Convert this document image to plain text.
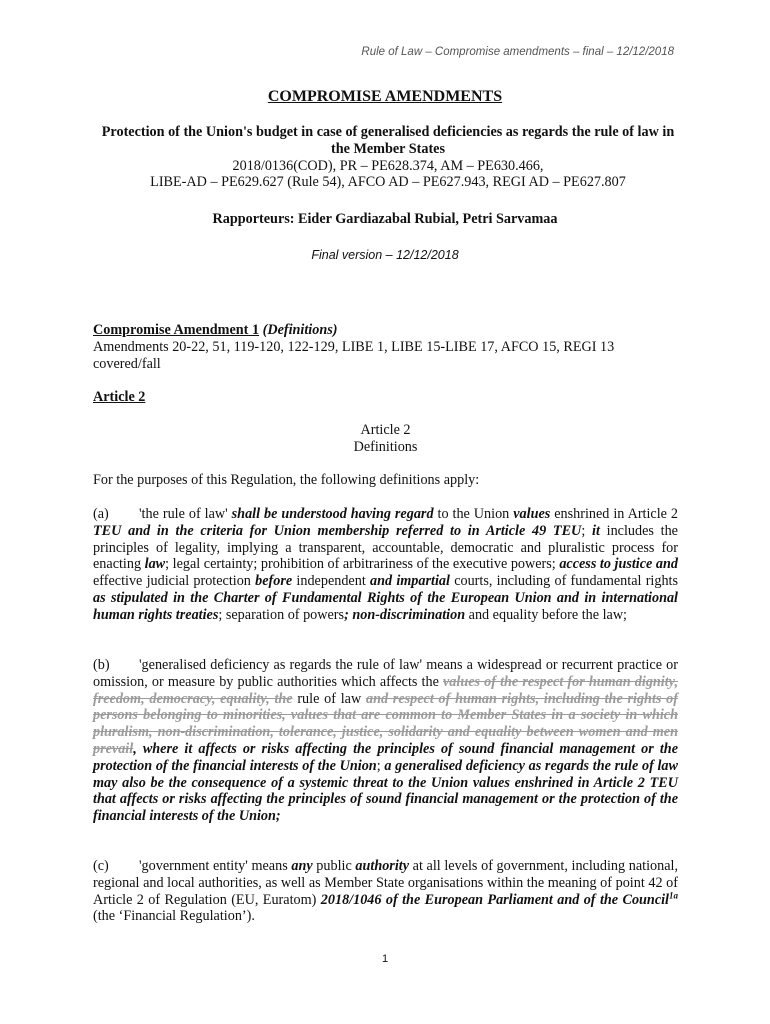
Rule of Law – Compromise amendments – final – 12/12/2018
COMPROMISE AMENDMENTS
Protection of the Union's budget in case of generalised deficiencies as regards the rule of law in the Member States
2018/0136(COD), PR – PE628.374, AM – PE630.466,
LIBE-AD – PE629.627 (Rule 54), AFCO AD – PE627.943, REGI AD – PE627.807
Rapporteurs: Eider Gardiazabal Rubial, Petri Sarvamaa
Final version – 12/12/2018
Compromise Amendment 1 (Definitions)
Amendments 20-22, 51, 119-120, 122-129, LIBE 1, LIBE 15-LIBE 17, AFCO 15, REGI 13 covered/fall
Article 2
Article 2
Definitions
For the purposes of this Regulation, the following definitions apply:
(a) 'the rule of law' shall be understood having regard to the Union values enshrined in Article 2 TEU and in the criteria for Union membership referred to in Article 49 TEU; it includes the principles of legality, implying a transparent, accountable, democratic and pluralistic process for enacting law; legal certainty; prohibition of arbitrariness of the executive powers; access to justice and effective judicial protection before independent and impartial courts, including of fundamental rights as stipulated in the Charter of Fundamental Rights of the European Union and in international human rights treaties; separation of powers; non-discrimination and equality before the law;
(b) 'generalised deficiency as regards the rule of law' means a widespread or recurrent practice or omission, or measure by public authorities which affects the values of the respect for human dignity, freedom, democracy, equality, the rule of law and respect of human rights, including the rights of persons belonging to minorities, values that are common to Member States in a society in which pluralism, non-discrimination, tolerance, justice, solidarity and equality between women and men prevail, where it affects or risks affecting the principles of sound financial management or the protection of the financial interests of the Union; a generalised deficiency as regards the rule of law may also be the consequence of a systemic threat to the Union values enshrined in Article 2 TEU that affects or risks affecting the principles of sound financial management or the protection of the financial interests of the Union;
(c) 'government entity' means any public authority at all levels of government, including national, regional and local authorities, as well as Member State organisations within the meaning of point 42 of Article 2 of Regulation (EU, Euratom) 2018/1046 of the European Parliament and of the Council$^{1a}$ (the ‘Financial Regulation’).
1
